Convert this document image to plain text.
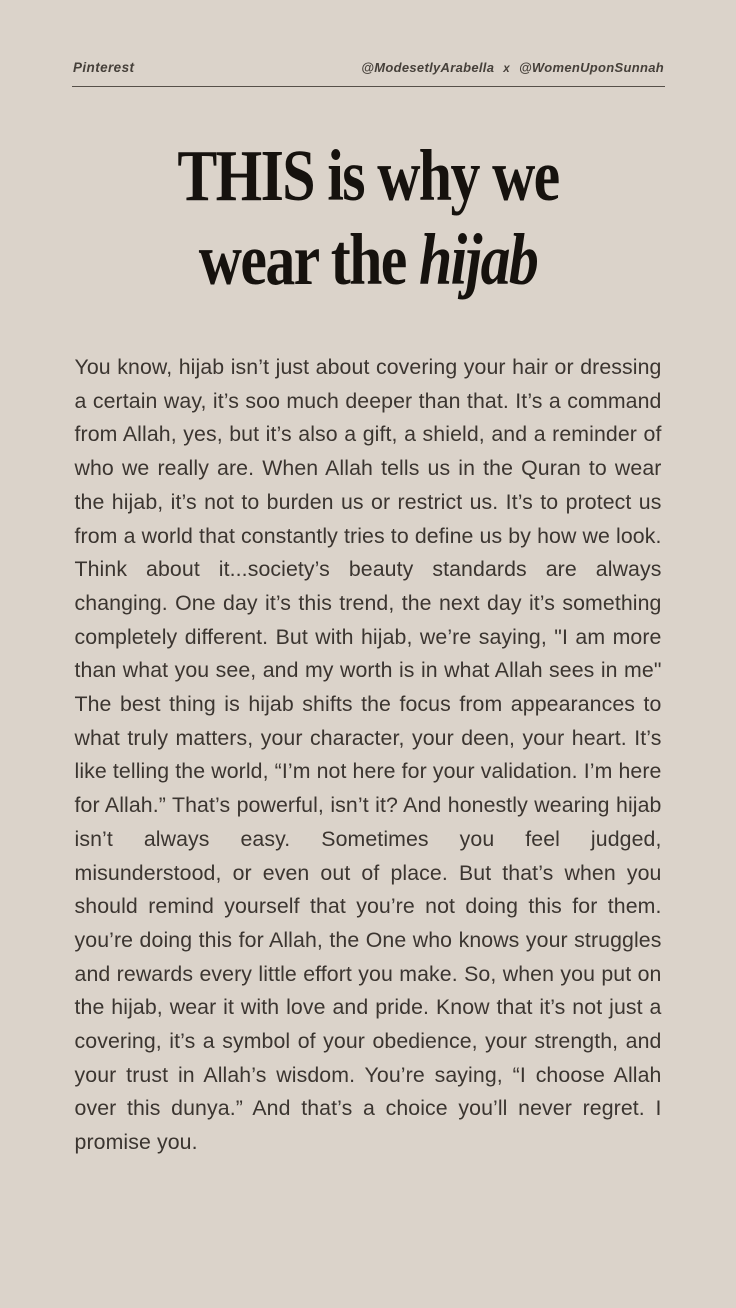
Pinterest	@ModesetlyArabella x @WomenUponSunnah
THIS is why we
wear the hijab

You know, hijab isn’t just about covering your hair or dressing a certain way, it’s soo much deeper than that. It’s a command from Allah, yes, but it’s also a gift, a shield, and a reminder of who we really are. When Allah tells us in the Quran to wear the hijab, it’s not to burden us or restrict us. It’s to protect us from a world that constantly tries to define us by how we look. Think about it...society’s beauty standards are always changing. One day it’s this trend, the next day it’s something completely different. But with hijab, we’re saying, "I am more than what you see, and my worth is in what Allah sees in me" The best thing is hijab shifts the focus from appearances to what truly matters, your character, your deen, your heart. It’s like telling the world, “I’m not here for your validation. I’m here for Allah.” That’s powerful, isn’t it? And honestly wearing hijab isn’t always easy. Sometimes you feel judged, misunderstood, or even out of place. But that’s when you should remind yourself that you’re not doing this for them. you’re doing this for Allah, the One who knows your struggles and rewards every little effort you make. So, when you put on the hijab, wear it with love and pride. Know that it’s not just a covering, it’s a symbol of your obedience, your strength, and your trust in Allah’s wisdom. You’re saying, “I choose Allah over this dunya.” And that’s a choice you’ll never regret. I promise you.
